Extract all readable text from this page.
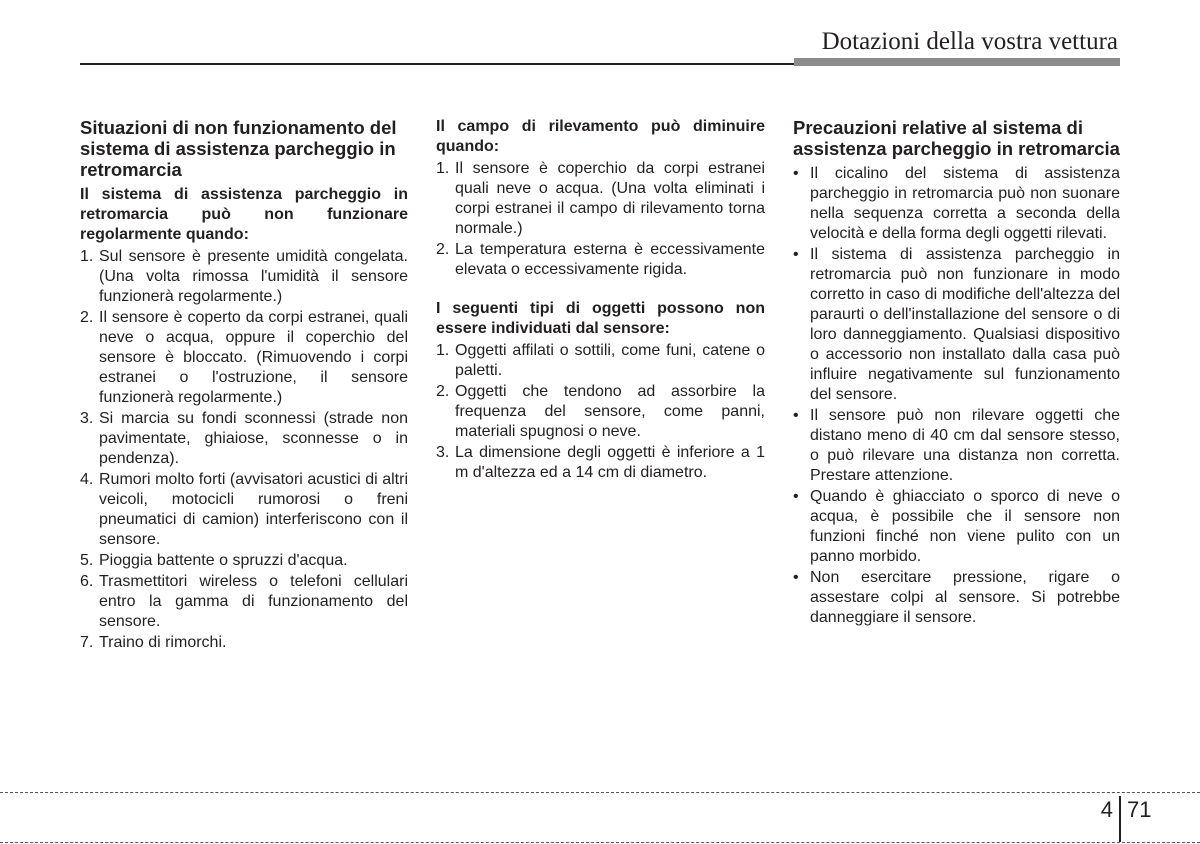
Dotazioni della vostra vettura
Situazioni di non funzionamento del sistema di assistenza parcheggio in retromarcia
Il sistema di assistenza parcheggio in retromarcia può non funzionare regolarmente quando:
1. Sul sensore è presente umidità congelata. (Una volta rimossa l'umidità il sensore funzionerà regolarmente.)
2. Il sensore è coperto da corpi estranei, quali neve o acqua, oppure il coperchio del sensore è bloccato. (Rimuovendo i corpi estranei o l'ostruzione, il sensore funzionerà regolarmente.)
3. Si marcia su fondi sconnessi (strade non pavimentate, ghiaiose, sconnesse o in pendenza).
4. Rumori molto forti (avvisatori acustici di altri veicoli, motocicli rumorosi o freni pneumatici di camion) interferiscono con il sensore.
5. Pioggia battente o spruzzi d'acqua.
6. Trasmettitori wireless o telefoni cellulari entro la gamma di funzionamento del sensore.
7. Traino di rimorchi.
Il campo di rilevamento può diminuire quando:
1. Il sensore è coperchio da corpi estranei quali neve o acqua. (Una volta eliminati i corpi estranei il campo di rilevamento torna normale.)
2. La temperatura esterna è eccessivamente elevata o eccessivamente rigida.
I seguenti tipi di oggetti possono non essere individuati dal sensore:
1. Oggetti affilati o sottili, come funi, catene o paletti.
2. Oggetti che tendono ad assorbire la frequenza del sensore, come panni, materiali spugnosi o neve.
3. La dimensione degli oggetti è inferiore a 1 m d'altezza ed a 14 cm di diametro.
Precauzioni relative al sistema di assistenza parcheggio in retromarcia
• Il cicalino del sistema di assistenza parcheggio in retromarcia può non suonare nella sequenza corretta a seconda della velocità e della forma degli oggetti rilevati.
• Il sistema di assistenza parcheggio in retromarcia può non funzionare in modo corretto in caso di modifiche dell'altezza del paraurti o dell'installazione del sensore o di loro danneggiamento. Qualsiasi dispositivo o accessorio non installato dalla casa può influire negativamente sul funzionamento del sensore.
• Il sensore può non rilevare oggetti che distano meno di 40 cm dal sensore stesso, o può rilevare una distanza non corretta. Prestare attenzione.
• Quando è ghiacciato o sporco di neve o acqua, è possibile che il sensore non funzioni finché non viene pulito con un panno morbido.
• Non esercitare pressione, rigare o assestare colpi al sensore. Si potrebbe danneggiare il sensore.
4 71
